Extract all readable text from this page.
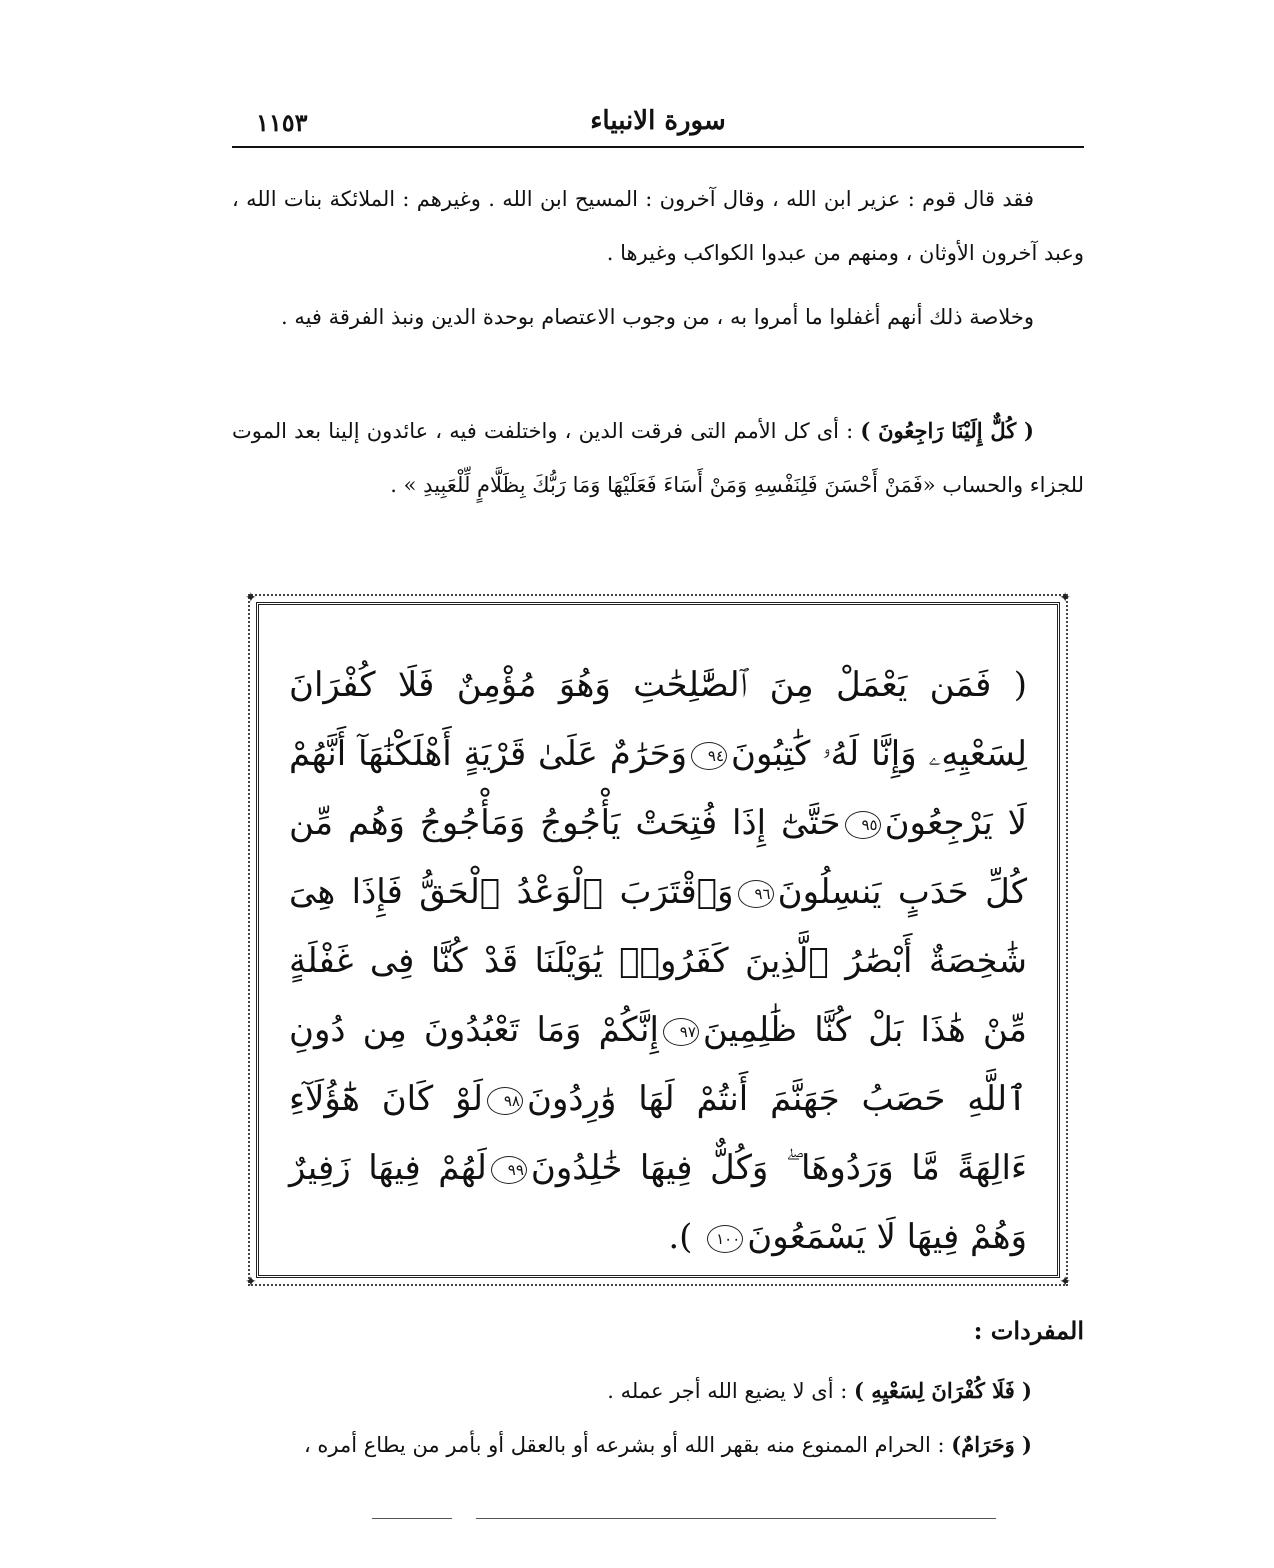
١١٥٣	سورة الانبياء

فقد قال قوم : عزير ابن الله ، وقال آخرون : المسيح ابن الله . وغيرهم : الملائكة بنات الله ، وعبد آخرون الأوثان ، ومنهم من عبدوا الكواكب وغيرها .

وخلاصة ذلك أنهم أغفلوا ما أمروا به ، من وجوب الاعتصام بوحدة الدين ونبذ الفرقة فيه .

( كُلٌّ إِلَيْنَا رَاجِعُونَ ) : أى كل الأمم التى فرقت الدين ، واختلفت فيه ، عائدون إلينا بعد الموت للجزاء والحساب «فَمَنْ أَحْسَنَ فَلِنَفْسِهِ وَمَنْ أَسَاءَ فَعَلَيْهَا وَمَا رَبُّكَ بِظَلَّامٍ لِّلْعَبِيدِ » .

✦	✦
✦	✦
( فَمَن يَعْمَلْ مِنَ ٱلصَّٰلِحَٰتِ وَهُوَ مُؤْمِنٌ فَلَا كُفْرَانَ لِسَعْيِهِۦ وَإِنَّا لَهُۥ كَٰتِبُونَ٩٤وَحَرَٰمٌ عَلَىٰ قَرْيَةٍ أَهْلَكْنَٰهَآ أَنَّهُمْ لَا يَرْجِعُونَ٩٥حَتَّىٰٓ إِذَا فُتِحَتْ يَأْجُوجُ وَمَأْجُوجُ وَهُم مِّن كُلِّ حَدَبٍ يَنسِلُونَ٩٦وَٱقْتَرَبَ ٱلْوَعْدُ ٱلْحَقُّ فَإِذَا هِىَ شَٰخِصَةٌ أَبْصَٰرُ ٱلَّذِينَ كَفَرُوا۟ يَٰوَيْلَنَا قَدْ كُنَّا فِى غَفْلَةٍ مِّنْ هَٰذَا بَلْ كُنَّا ظَٰلِمِينَ٩٧إِنَّكُمْ وَمَا تَعْبُدُونَ مِن دُونِ ٱللَّهِ حَصَبُ جَهَنَّمَ أَنتُمْ لَهَا وَٰرِدُونَ٩٨لَوْ كَانَ هَٰٓؤُلَآءِ ءَالِهَةً مَّا وَرَدُوهَا ۖ وَكُلٌّ فِيهَا خَٰلِدُونَ٩٩لَهُمْ فِيهَا زَفِيرٌ وَهُمْ فِيهَا لَا يَسْمَعُونَ١٠٠ ).
المفردات :
( فَلَا كُفْرَانَ لِسَعْيِهِ ) : أى لا يضيع الله أجر عمله .
( وَحَرَامٌ) : الحرام الممنوع منه بقهر الله أو بشرعه أو بالعقل أو بأمر من يطاع أمره ،
